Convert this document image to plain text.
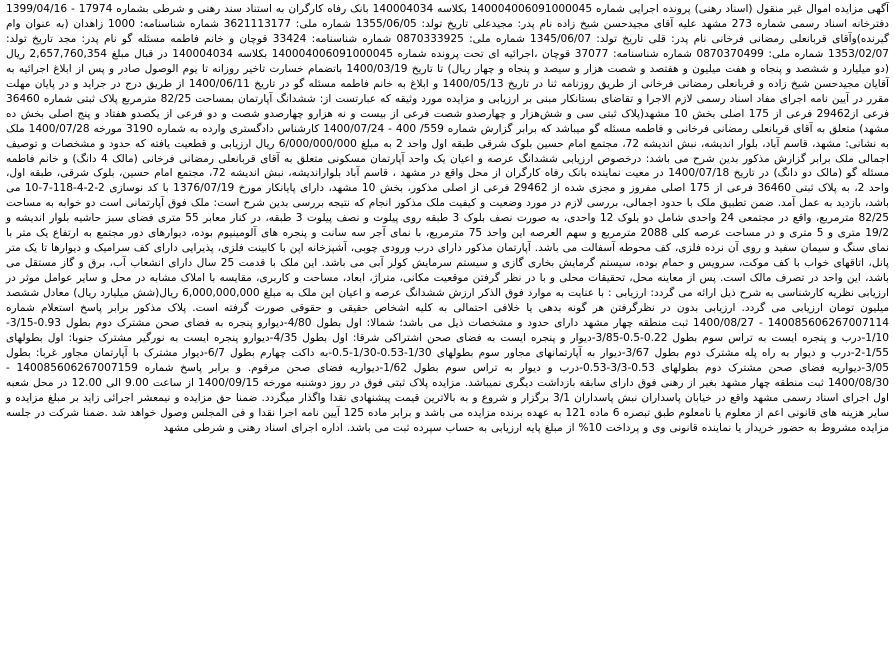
آگهی مزایده اموال غیر منقول (اسناد رهنی) پرونده اجرایی شماره 140004006091000045 بکلاسه 140004034 بانک رفاه کارگران به استناد سند رهنی و شرطی بشماره 17974 - 1399/04/16 دفترخانه اسناد رسمی شماره 273 مشهد علیه آقای مجیدحسن شیخ زاده نام پدر: مجیدعلی تاریخ تولد: 1355/06/05 شماره ملی: 3621113177 شماره شناسنامه: 1000 زاهدان (به عنوان وام گیرنده)وآقای قربانعلی رمضانی فرخانی نام پدر: قلی تاریخ تولد: 1345/06/07 شماره ملی: 0870333925 شماره شناسنامه: 33424 قوچان و خانم فاطمه مسئله گو نام پدر: مجد تاریخ تولد: 1353/02/07 شماره ملی: 0870370499 شماره شناسنامه: 37077 قوچان ،اجرائیه ای تحت پرونده شماره 140004006091000045 بکلاسه 140004034 در قبال مبلغ 2,657,760,354 ریال (دو میلیارد و ششصد و پنجاه و هفت میلیون و هفتصد و شصت هزار و سیصد و پنجاه و چهار ریال) تا تاریخ 1400/03/19 باتضمام خسارت تاخیر روزانه تا یوم الوصول صادر و پس از ابلاغ اجرائیه به آقایان مجیدحسن شیخ زاده و قربانعلی رمضانی فرخانی از طریق روزنامه ثنا در تاریخ 1400/05/13 و ابلاغ به خانم فاطمه مسئله گو در تاریخ 1400/06/11 از طریق درج در جراید و در پایان مهلت مقرر در آیین نامه اجرای مفاد اسناد رسمی لازم الاجرا و تقاضای بستانکار مبنی بر ارزیابی و مزایده مورد وثیقه که عبارتست از: ششدانگ آپارتمان بمساحت 82/25 مترمربع پلاک ثبتی شماره 36460 فرعی از29462 فرعی از 175 اصلی بخش 10 مشهد(پلاک ثبتی سی و شش‌هزار و چهارصدو شصت فرعی از بیست و نه هزارو چهارصدو شصت و دو فرعی از یکصدو هفتاد و پنج اصلی بخش ده مشهد) متعلق به آقای قربانعلی رمضانی فرخانی و فاطمه مسئله گو میباشد که برابر گزارش شماره 559/ 400 - 1400/07/24 کارشناس دادگستری وارده به شماره 3190 مورخه 1400/07/28 ملک به نشانی: مشهد، قاسم آباد، بلوار اندیشه، نبش اندیشه 72، مجتمع امام حسین بلوک شرقی طبقه اول واحد 2 به مبلغ 6/000/000/000 ریال ارزیابی و قطعیت یافته که حدود و مشخصات و توصیف اجمالی ملک برابر گزارش مذکور بدین شرح می باشد: درخصوص ارزیابی ششدانگ عرصه و اعیان یک واحد آپارتمان مسکونی متعلق به آقای قربانعلی رمضانی فرخانی (مالک 4 دانگ) و خانم فاطمه مسئله گو (مالک دو دانگ) در تاریخ 1400/07/18 در معیت نماینده بانک رفاه کارگران از محل واقع در مشهد ، قاسم آباد بلواراندیشه، نبش اندیشه 72، مجتمع امام حسین، بلوک شرقی، طبقه اول، واحد 2، به پلاک ثبتی 36460 فرعی از 175 اصلی مفروز و مجزی شده از 29462 فرعی از اصلی مذکور، بخش 10 مشهد، دارای پایانکار مورخ 1376/07/19 با کد نوسازی 2-2-4-118-7-10 می باشد، بازدید به عمل آمد. ضمن تطبیق ملک با حدود اجمالی، بررسی لازم در مورد وضعیت و کیفیت ملک مذکور انجام که نتیجه بررسی بدین شرح است: ملک فوق آپارتمانی است دو خوابه به مساحت 82/25 مترمربع، واقع در مجتمعی 24 واحدی شامل دو بلوک 12 واحدی، به صورت نصف بلوک 3 طبقه روی پیلوت و نصف پیلوت 3 طبقه، در کنار معابر 55 متری فضای سبز حاشیه بلوار اندیشه و 19/2 متری و 5 متری و در مساحت عرصه کلی 2088 مترمربع و سهم العرصه این واحد 75 مترمربع، با نمای آجر سه سانت و پنجره های آلومینیوم بوده، دیوارهای دور مجتمع به ارتفاع یک متر با نمای سنگ و سیمان سفید و روی آن نرده فلزی، کف محوطه آسفالت می باشد. آپارتمان مذکور دارای درب ورودی چوبی، آشپزخانه اپن با کابینت فلزی، پذیرایی دارای کف سرامیک و دیوارها تا یک متر پانل، اتاقهای خواب با کف موکت، سرویس و حمام بوده، سیستم گرمایش بخاری گازی و سیستم سرمایش کولر آبی می باشد. این ملک با قدمت 25 سال دارای انشعاب آب، برق و گاز مستقل می باشد، این واحد در تصرف مالک است. پس از معاینه محل، تحقیقات محلی و با در نظر گرفتن موقعیت مکانی، متراژ، ابعاد، مساحت و کاربری، مقایسه با املاک مشابه در محل و سایر عوامل موثر در ارزیابی نظریه کارشناسی به شرح ذیل ارائه می گردد: ارزیابی : با عنایت به موارد فوق الذکر ارزش ششدانگ عرصه و اعیان این ملک به مبلغ 6,000,000,000 ریال(شش میلیارد ریال) معادل ششصد میلیون تومان ارزیابی می گردد. ارزیابی بدون در نظرگرفتن هر گونه بدهی یا خلافی احتمالی به کلیه اشخاص حقیقی و حقوقی صورت گرفته است. پلاک مذکور برابر پاسخ استعلام شماره 140085606267007114 - 1400/08/27 ثبت منطقه چهار مشهد دارای حدود و مشخصات ذیل می باشد؛ شمالا: اول بطول 4/80-دیوارو پنجره به فضای صحن مشترک دوم بطول 0.93-3/15-1/10-درب و پنجره ایست به تراس سوم بطول 0.22-0.5-3/85-دیوار و پنجره ایست به فضای صحن اشتراکی شرقا: اول بطول 4/35-دیوارو پنجره ایست به نورگیر مشترک جنوبا: اول بطولهای 1/55-2-درب و دیوار به راه پله مشترک دوم بطول 3/67-دیوار به آپارتمانهای مجاور سوم بطولهای 1/30-0.53-1/30-0.5-به داکت چهارم بطول 6/7-دیوار مشترک با آپارتمان مجاور غربا: بطول 3/05-دیواریه فضای صحن مشترک دوم بطولهای 0.53-3/3-0.53-درب و دیوار به تراس سوم بطول 1/62-دیواریه فضای صحن مرقوم. و برابر پاسخ شماره 140085606267007159 - 1400/08/30 ثبت منطقه چهار مشهد بغیر از رهنی فوق دارای سابقه بازداشت دیگری نمیباشد. مزایده پلاک ثبتی فوق در روز دوشنبه مورخه 1400/09/15 از ساعت 9.00 الی 12.00 در محل شعبه اول اجرای اسناد رسمی مشهد واقع در خیابان پاسداران نبش پاسداران 3/1 برگزار و شروع و به بالاترین قیمت پیشنهادی نقدا واگذار میگردد. ضمنا حق مزایده و نیمعشر اجرائی زاید بر مبلغ مزایده و سایر هزینه های قانونی اعم از معلوم یا نامعلوم طبق تبصره 6 ماده 121 به عهده برنده مزایده می باشد و برابر ماده 125 آیین نامه اجرا نقدا و فی المجلس وصول خواهد شد .ضمنا شرکت در جلسه مزایده مشروط به حضور خریدار یا نماینده قانونی وی و پرداخت 10% از مبلغ پایه ارزیابی به حساب سپرده ثبت می باشد. اداره اجرای اسناد رهنی و شرطی مشهد
